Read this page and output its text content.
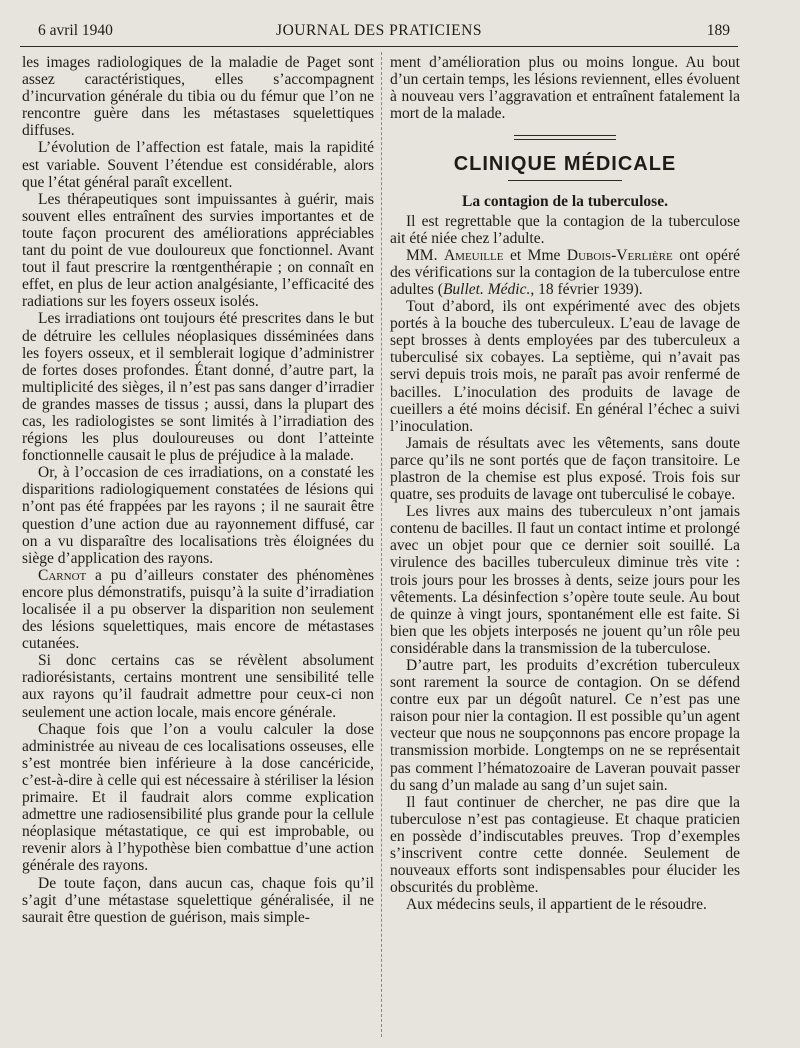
6 avril 1940	JOURNAL DES PRATICIENS	189

les images radiologiques de la maladie de Paget sont assez caractéristiques, elles s’accompagnent d’incurvation générale du tibia ou du fémur que l’on ne rencontre guère dans les métastases squelettiques diffuses.

L’évolution de l’affection est fatale, mais la rapidité est variable. Souvent l’étendue est considérable, alors que l’état général paraît excellent.

Les thérapeutiques sont impuissantes à guérir, mais souvent elles entraînent des survies importantes et de toute façon procurent des améliorations appréciables tant du point de vue douloureux que fonctionnel. Avant tout il faut prescrire la rœntgenthérapie ; on connaît en effet, en plus de leur action analgésiante, l’efficacité des radiations sur les foyers osseux isolés.

Les irradiations ont toujours été prescrites dans le but de détruire les cellules néoplasiques disséminées dans les foyers osseux, et il semblerait logique d’administrer de fortes doses profondes. Étant donné, d’autre part, la multiplicité des sièges, il n’est pas sans danger d’irradier de grandes masses de tissus ; aussi, dans la plupart des cas, les radiologistes se sont limités à l’irradiation des régions les plus douloureuses ou dont l’atteinte fonctionnelle causait le plus de préjudice à la malade.

Or, à l’occasion de ces irradiations, on a constaté les disparitions radiologiquement constatées de lésions qui n’ont pas été frappées par les rayons ; il ne saurait être question d’une action due au rayonnement diffusé, car on a vu disparaître des localisations très éloignées du siège d’application des rayons.

Carnot a pu d’ailleurs constater des phénomènes encore plus démonstratifs, puisqu’à la suite d’irradiation localisée il a pu observer la disparition non seulement des lésions squelettiques, mais encore de métastases cutanées.

Si donc certains cas se révèlent absolument radiorésistants, certains montrent une sensibilité telle aux rayons qu’il faudrait admettre pour ceux-ci non seulement une action locale, mais encore générale.

Chaque fois que l’on a voulu calculer la dose administrée au niveau de ces localisations osseuses, elle s’est montrée bien inférieure à la dose cancéricide, c’est-à-dire à celle qui est nécessaire à stériliser la lésion primaire. Et il faudrait alors comme explication admettre une radiosensibilité plus grande pour la cellule néoplasique métastatique, ce qui est improbable, ou revenir alors à l’hypothèse bien combattue d’une action générale des rayons.

De toute façon, dans aucun cas, chaque fois qu’il s’agit d’une métastase squelettique généralisée, il ne saurait être question de guérison, mais simple-

ment d’amélioration plus ou moins longue. Au bout d’un certain temps, les lésions reviennent, elles évoluent à nouveau vers l’aggravation et entraînent fatalement la mort de la malade.

CLINIQUE MÉDICALE
La contagion de la tuberculose.

Il est regrettable que la contagion de la tuberculose ait été niée chez l’adulte.

MM. Ameuille et Mme Dubois-Verlière ont opéré des vérifications sur la contagion de la tuberculose entre adultes (Bullet. Médic., 18 février 1939).

Tout d’abord, ils ont expérimenté avec des objets portés à la bouche des tuberculeux. L’eau de lavage de sept brosses à dents employées par des tuberculeux a tuberculisé six cobayes. La septième, qui n’avait pas servi depuis trois mois, ne paraît pas avoir renfermé de bacilles. L’inoculation des produits de lavage de cueillers a été moins décisif. En général l’échec a suivi l’inoculation.

Jamais de résultats avec les vêtements, sans doute parce qu’ils ne sont portés que de façon transitoire. Le plastron de la chemise est plus exposé. Trois fois sur quatre, ses produits de lavage ont tuberculisé le cobaye.

Les livres aux mains des tuberculeux n’ont jamais contenu de bacilles. Il faut un contact intime et prolongé avec un objet pour que ce dernier soit souillé. La virulence des bacilles tuberculeux diminue très vite : trois jours pour les brosses à dents, seize jours pour les vêtements. La désinfection s’opère toute seule. Au bout de quinze à vingt jours, spontanément elle est faite. Si bien que les objets interposés ne jouent qu’un rôle peu considérable dans la transmission de la tuberculose.

D’autre part, les produits d’excrétion tuberculeux sont rarement la source de contagion. On se défend contre eux par un dégoût naturel. Ce n’est pas une raison pour nier la contagion. Il est possible qu’un agent vecteur que nous ne soupçonnons pas encore propage la transmission morbide. Longtemps on ne se représentait pas comment l’hématozoaire de Laveran pouvait passer du sang d’un malade au sang d’un sujet sain.

Il faut continuer de chercher, ne pas dire que la tuberculose n’est pas contagieuse. Et chaque praticien en possède d’indiscutables preuves. Trop d’exemples s’inscrivent contre cette donnée. Seulement de nouveaux efforts sont indispensables pour élucider les obscurités du problème.

Aux médecins seuls, il appartient de le résoudre.
